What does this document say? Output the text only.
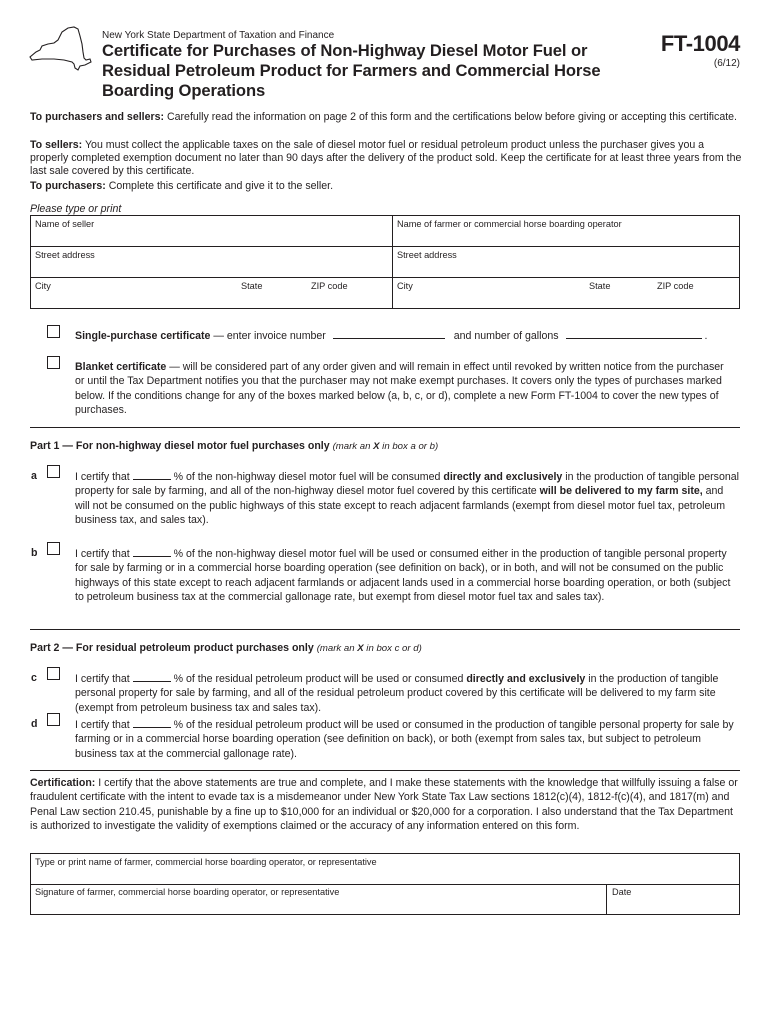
New York State Department of Taxation and Finance
Certificate for Purchases of Non-Highway Diesel Motor Fuel or Residual Petroleum Product for Farmers and Commercial Horse Boarding Operations
FT-1004
(6/12)
To purchasers and sellers: Carefully read the information on page 2 of this form and the certifications below before giving or accepting this certificate.
To sellers: You must collect the applicable taxes on the sale of diesel motor fuel or residual petroleum product unless the purchaser gives you a properly completed exemption document no later than 90 days after the delivery of the product sold. Keep the certificate for at least three years from the last sale covered by this certificate.
To purchasers: Complete this certificate and give it to the seller.
Please type or print
Name of seller	Name of farmer or commercial horse boarding operator
Street address	Street address
City	State	ZIP code	City	State	ZIP code
Single-purchase certificate — enter invoice number	and number of gallons	.
Blanket certificate — will be considered part of any order given and will remain in effect until revoked by written notice from the purchaser or until the Tax Department notifies you that the purchaser may not make exempt purchases. It covers only the types of purchases marked below. If the conditions change for any of the boxes marked below (a, b, c, or d), complete a new Form FT-1004 to cover the new types of purchases.
Part 1 — For non-highway diesel motor fuel purchases only (mark an X in box a or b)
a	I certify that	% of the non-highway diesel motor fuel will be consumed directly and exclusively in the production of tangible personal property for sale by farming, and all of the non-highway diesel motor fuel covered by this certificate will be delivered to my farm site, and will not be consumed on the public highways of this state except to reach adjacent farmlands (exempt from diesel motor fuel tax, petroleum business tax, and sales tax).
b	I certify that	% of the non-highway diesel motor fuel will be used or consumed either in the production of tangible personal property for sale by farming or in a commercial horse boarding operation (see definition on back), or in both, and will not be consumed on the public highways of this state except to reach adjacent farmlands or adjacent lands used in a commercial horse boarding operation, or both (subject to petroleum business tax at the commercial gallonage rate, but exempt from diesel motor fuel tax and sales tax).
Part 2 — For residual petroleum product purchases only (mark an X in box c or d)
c	I certify that	% of the residual petroleum product will be used or consumed directly and exclusively in the production of tangible personal property for sale by farming, and all of the residual petroleum product covered by this certificate will be delivered to my farm site (exempt from petroleum business tax and sales tax).
d	I certify that	% of the residual petroleum product will be used or consumed in the production of tangible personal property for sale by farming or in a commercial horse boarding operation (see definition on back), or both (exempt from sales tax, but subject to petroleum business tax at the commercial gallonage rate).
Certification: I certify that the above statements are true and complete, and I make these statements with the knowledge that willfully issuing a false or fraudulent certificate with the intent to evade tax is a misdemeanor under New York State Tax Law sections 1812(c)(4), 1812-f(c)(4), and 1817(m) and Penal Law section 210.45, punishable by a fine up to $10,000 for an individual or $20,000 for a corporation. I also understand that the Tax Department is authorized to investigate the validity of exemptions claimed or the accuracy of any information entered on this form.
Type or print name of farmer, commercial horse boarding operator, or representative
Signature of farmer, commercial horse boarding operator, or representative	Date
